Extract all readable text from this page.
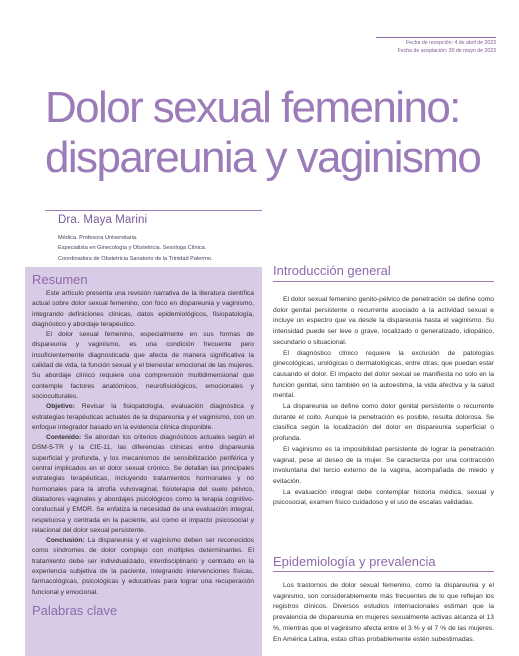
Fecha de recepción: 4 de abril de 2023
Fecha de aceptación: 30 de mayo de 2023
Dolor sexual femenino:
dispareunia y vaginismo
Dra. Maya Marini
Médica. Profesora Universitaria.
Especialista en Ginecología y Obstetricia. Sexologa Clínica.
Coordinadora de Obstetricia Sanatorio de la Trinidad Palermo.
Resumen

Este artículo presenta una revisión narrativa de la literatura científica actual sobre dolor sexual femenino, con foco en dispareunia y vaginismo, integrando definiciones clínicas, datos epidemiológicos, fisiopatología, diagnóstico y abordaje terapéutico.

El dolor sexual femenino, especialmente en sus formas de dispareunia y vaginismo, es una condición frecuente pero insuficientemente diagnosticada que afecta de manera significativa la calidad de vida, la función sexual y el bienestar emocional de las mujeres. Su abordaje clínico requiere una comprensión multidimensional que contemple factores anatómicos, neurofisiológicos, emocionales y socioculturales.

Objetivo: Revisar la fisiopatología, evaluación diagnóstica y estrategias terapéuticas actuales de la dispareunia y el vaginismo, con un enfoque integrador basado en la evidencia clínica disponible.

Contenido: Se abordan los criterios diagnósticos actuales según el DSM-5-TR y la CIE-11, las diferencias clínicas entre dispareunia superficial y profunda, y los mecanismos de sensibilización periférica y central implicados en el dolor sexual crónico. Se detallan las principales estrategias terapéuticas, incluyendo tratamientos hormonales y no hormonales para la atrofia vulvovaginal, fisioterapia del suelo pélvico, dilatadores vaginales y abordajes psicológicos como la terapia cognitivo-conductual y EMDR. Se enfatiza la necesidad de una evaluación integral, respetuosa y centrada en la paciente, así como el impacto psicosocial y relacional del dolor sexual persistente.

Conclusión: La dispareunia y el vaginismo deben ser reconocidos como síndromes de dolor complejo con múltiples determinantes. El tratamiento debe ser individualizado, interdisciplinario y centrado en la experiencia subjetiva de la paciente, integrando intervenciones físicas, farmacológicas, psicológicas y educativas para lograr una recuperación funcional y emocional.

Palabras clave
Introducción general

El dolor sexual femenino genito-pélvico de penetración se define como dolor genital persistente o recurrente asociado a la actividad sexual e incluye un espectro que va desde la dispareunia hasta el vaginismo. Su intensidad puede ser leve o grave, localizado o generalizado, idiopático, secundario o situacional.

El diagnóstico clínico requiere la exclusión de patologías ginecológicas, urológicas o dermatológicas, entre otras, que puedan estar causando el dolor. El impacto del dolor sexual se manifiesta no solo en la función genital, sino también en la autoestima, la vida afectiva y la salud mental.

La dispareunia se define como dolor genital persistente o recurrente durante el coito. Aunque la penetración es posible, resulta dolorosa. Se clasifica según la localización del dolor en dispareunia superficial o profunda.

El vaginismo es la imposibilidad persistente de lograr la penetración vaginal, pese al deseo de la mujer. Se caracteriza por una contracción involuntaria del tercio externo de la vagina, acompañada de miedo y evitación.

La evaluación integral debe contemplar historia médica, sexual y psicosocial, examen físico cuidadoso y el uso de escalas validadas.

Epidemiología y prevalencia

Los trastornos de dolor sexual femenino, como la dispareunia y el vaginismo, son considerablemente más frecuentes de lo que reflejan los registros clínicos. Diversos estudios internacionales estiman que la prevalencia de dispareunia en mujeres sexualmente activas alcanza el 13 %, mientras que el vaginismo afecta entre el 3 % y el 7 % de las mujeres. En América Latina, estas cifras probablemente estén subestimadas.
